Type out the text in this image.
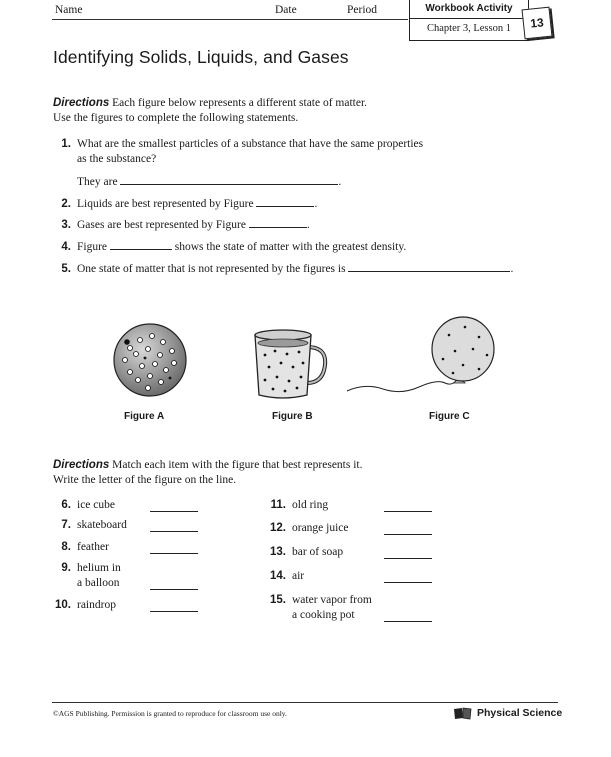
Name	Date	Period	Workbook Activity
Chapter 3, Lesson 1	13
Identifying Solids, Liquids, and Gases
Directions Each figure below represents a different state of matter.
Use the figures to complete the following statements.
1. What are the smallest particles of a substance that have the same properties
as the substance?
They are	.
2. Liquids are best represented by Figure	.
3. Gases are best represented by Figure	.
4. Figure	shows the state of matter with the greatest density.
5. One state of matter that is not represented by the figures is	.
Figure A	Figure B	Figure C
Directions Match each item with the figure that best represents it.
Write the letter of the figure on the line.
6. ice cube
7. skateboard
8. feather
9. helium in
a balloon
10. raindrop
11. old ring
12. orange juice
13. bar of soap
14. air
15. water vapor from
a cooking pot
©AGS Publishing. Permission is granted to reproduce for classroom use only.	Physical Science
